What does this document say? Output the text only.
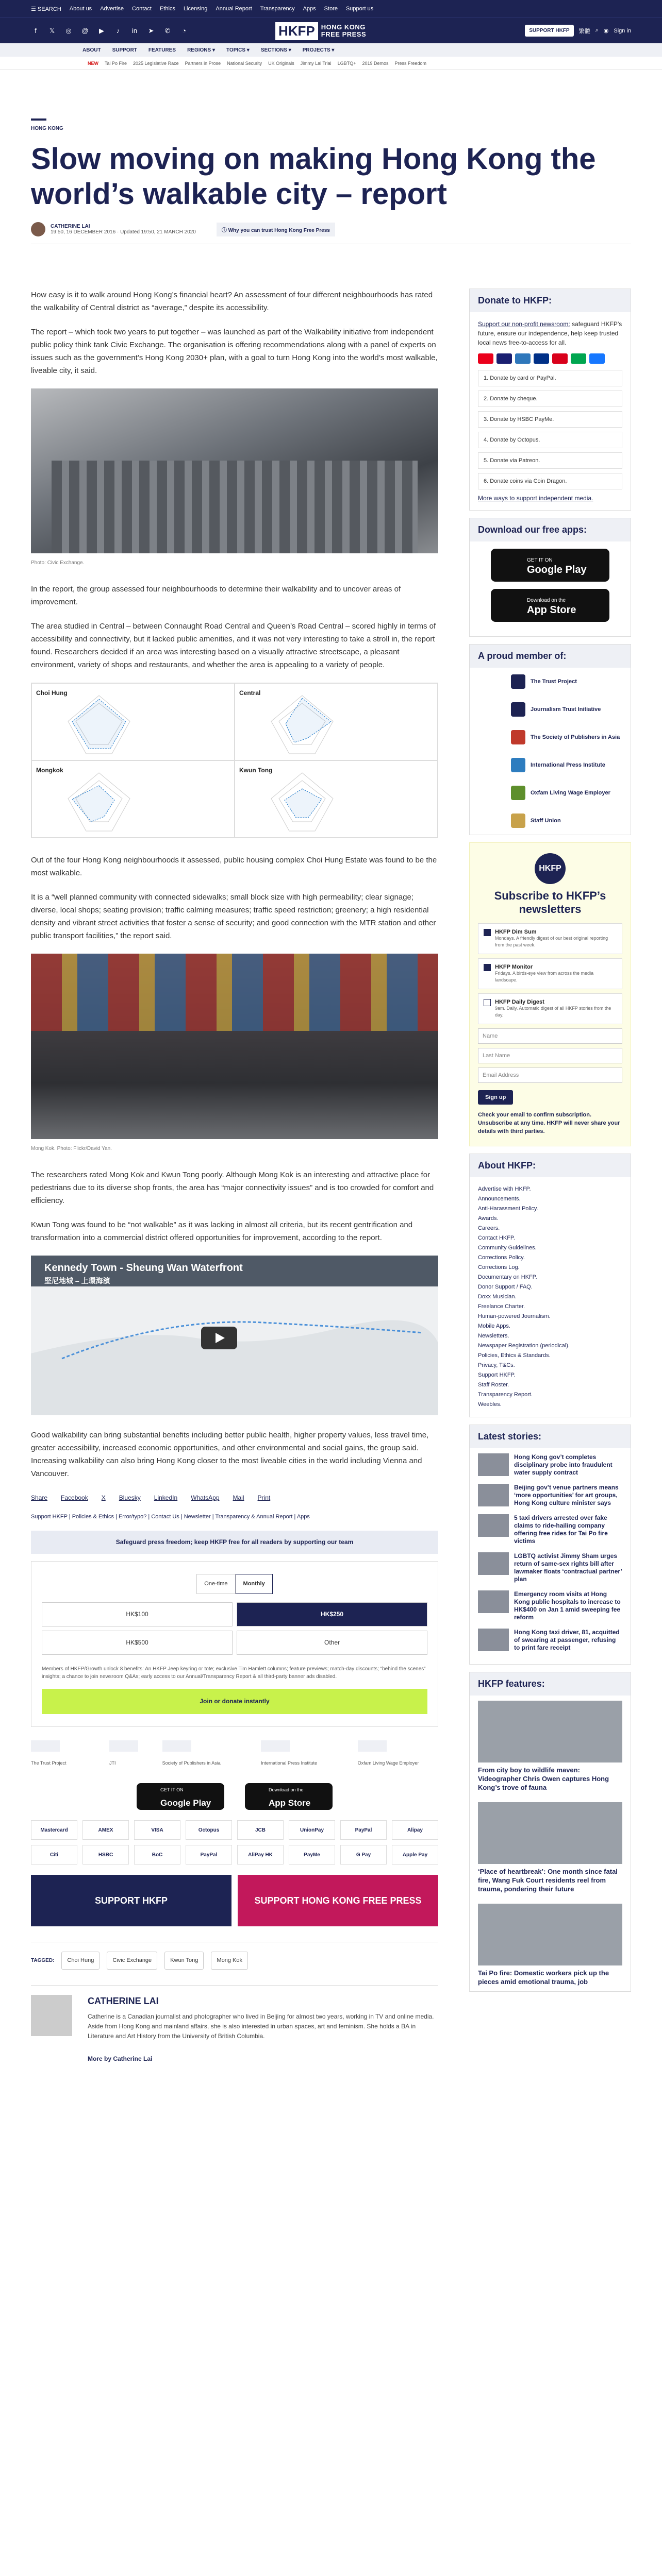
☰ SEARCH About us Advertise Contact Ethics Licensing Annual Report Transparency Apps Store Support us
f	𝕏 ◎ @	▶	♪	in	➤ ✆	◔	SUPPORT HKFP	繁體 ⌕ ◉ Sign in
HKFP HONG KONG
FREE PRESS
ABOUT SUPPORT FEATURES REGIONS ▾ TOPICS ▾ SECTIONS ▾ PROJECTS ▾
NEW Tai Po Fire 2025 Legislative Race Partners in Prose National Security UK Originals Jimmy Lai Trial LGBTQ+ 2019 Demos Press Freedom
HONG KONG
Slow moving on making Hong Kong the world’s walkable city – report
CATHERINE LAI
19:50, 16 DECEMBER 2016 · Updated 19:50, 21 MARCH 2020	ⓘ Why you can trust Hong Kong Free Press

How easy is it to walk around Hong Kong’s financial heart? An assessment of four different neighbourhoods has rated the walkability of Central district as “average,” despite its accessibility.

The report – which took two years to put together – was launched as part of the Walkability initiative from independent public policy think tank Civic Exchange. The organisation is offering recommendations along with a panel of experts on issues such as the government’s Hong Kong 2030+ plan, with a goal to turn Hong Kong into the world’s most walkable, liveable city, it said.

Photo: Civic Exchange.

In the report, the group assessed four neighbourhoods to determine their walkability and to uncover areas of improvement.

The area studied in Central – between Connaught Road Central and Queen’s Road Central – scored highly in terms of accessibility and connectivity, but it lacked public amenities, and it was not very interesting to take a stroll in, the report found. Researchers decided if an area was interesting based on a visually attractive streetscape, a pleasant environment, variety of shops and restaurants, and whether the area is appealing to a variety of people.

Choi Hung	Central
Mongkok	Kwun Tong

Out of the four Hong Kong neighbourhoods it assessed, public housing complex Choi Hung Estate was found to be the most walkable.

It is a “well planned community with connected sidewalks; small block size with high permeability; clear signage; diverse, local shops; seating provision; traffic calming measures; traffic speed restriction; greenery; a high residential density and vibrant street activities that foster a sense of security; and good connection with the MTR station and other public transport facilities,” the report said.

Mong Kok. Photo: Flickr/David Yan.

The researchers rated Mong Kok and Kwun Tong poorly. Although Mong Kok is an interesting and attractive place for pedestrians due to its diverse shop fronts, the area has “major connectivity issues” and is too crowded for comfort and efficiency.

Kwun Tong was found to be “not walkable” as it was lacking in almost all criteria, but its recent gentrification and transformation into a commercial district offered opportunities for improvement, according to the report.

Kennedy Town - Sheung Wan Waterfront
堅尼地城 – 上環海濱

Good walkability can bring substantial benefits including better public health, higher property values, less travel time, greater accessibility, increased economic opportunities, and other environmental and social gains, the group said. Increasing walkability can also bring Hong Kong closer to the most liveable cities in the world including Vienna and Vancouver.

Share Facebook X Bluesky LinkedIn WhatsApp Mail Print
Support HKFP | Policies & Ethics | Error/typo? | Contact Us | Newsletter | Transparency & Annual Report | Apps
Safeguard press freedom; keep HKFP free for all readers by supporting our team
One-time	Monthly
HK$100	HK$250
HK$500	Other
Members of HKFP/Growth unlock 8 benefits: An HKFP Jeep keyring or tote; exclusive Tim Hamlett columns; feature previews; match-day discounts; “behind the scenes” insights; a chance to join newsroom Q&As; early access to our Annual/Transparency Report & all third-party banner ads disabled.
Join or donate instantly
The Trust Project	JTI	Society of Publishers in Asia	International Press Institute	Oxfam Living Wage Employer
GET IT ON
Google Play
Download on the
App Store
Mastercard	AMEX	VISA	Octopus	JCB	UnionPay	PayPal	Alipay
Citi	HSBC	BoC	PayPal	AliPay HK	PayMe	G Pay	Apple Pay
SUPPORT HKFP	SUPPORT HONG KONG FREE PRESS
TAGGED:	Choi Hung	Civic Exchange	Kwun Tong	Mong Kok
CATHERINE LAI

Catherine is a Canadian journalist and photographer who lived in Beijing for almost two years, working in TV and online media. Aside from Hong Kong and mainland affairs, she is also interested in urban spaces, art and feminism. She holds a BA in Literature and Art History from the University of British Columbia.

More by Catherine Lai
Donate to HKFP:
Support our non-profit newsroom: safeguard HKFP’s future, ensure our independence, help keep trusted local news free-to-access for all.
1. Donate by card or PayPal.
2. Donate by cheque.
3. Donate by HSBC PayMe.
4. Donate by Octopus.
5. Donate via Patreon.
6. Donate coins via Coin Dragon.
More ways to support independent media.
Download our free apps:
GET IT ON
Google Play
Download on the
App Store
A proud member of:
The Trust Project
Journalism Trust Initiative
The Society of Publishers in Asia
International Press Institute
Oxfam Living Wage Employer
Staff Union
HKFP
Subscribe to HKFP’s newsletters
HKFP Dim Sum
Mondays. A friendly digest of our best original reporting from the past week.
HKFP Monitor
Fridays. A birds-eye view from across the media landscape.
HKFP Daily Digest
9am. Daily. Automatic digest of all HKFP stories from the day.
Name
Last Name
Email Address
Sign up
Check your email to confirm subscription. Unsubscribe at any time. HKFP will never share your details with third parties.
About HKFP:
Advertise with HKFP.
Announcements.
Anti-Harassment Policy.
Awards.
Careers.
Contact HKFP.
Community Guidelines.
Corrections Policy.
Corrections Log.
Documentary on HKFP.
Donor Support / FAQ.
Doxx Musician.
Freelance Charter.
Human-powered Journalism.
Mobile Apps.
Newsletters.
Newspaper Registration (periodical).
Policies, Ethics & Standards.
Privacy, T&Cs.
Support HKFP.
Staff Roster.
Transparency Report.
Weebles.
Latest stories:
Hong Kong gov’t completes disciplinary probe into fraudulent water supply contract
Beijing gov’t venue partners means ‘more opportunities’ for art groups, Hong Kong culture minister says
5 taxi drivers arrested over fake claims to ride-hailing company offering free rides for Tai Po fire victims
LGBTQ activist Jimmy Sham urges return of same-sex rights bill after lawmaker floats ‘contractual partner’ plan
Emergency room visits at Hong Kong public hospitals to increase to HK$400 on Jan 1 amid sweeping fee reform
Hong Kong taxi driver, 81, acquitted of swearing at passenger, refusing to print fare receipt
HKFP features:
From city boy to wildlife maven: Videographer Chris Owen captures Hong Kong’s trove of fauna
‘Place of heartbreak’: One month since fatal fire, Wang Fuk Court residents reel from trauma, pondering their future
Tai Po fire: Domestic workers pick up the pieces amid emotional trauma, job
